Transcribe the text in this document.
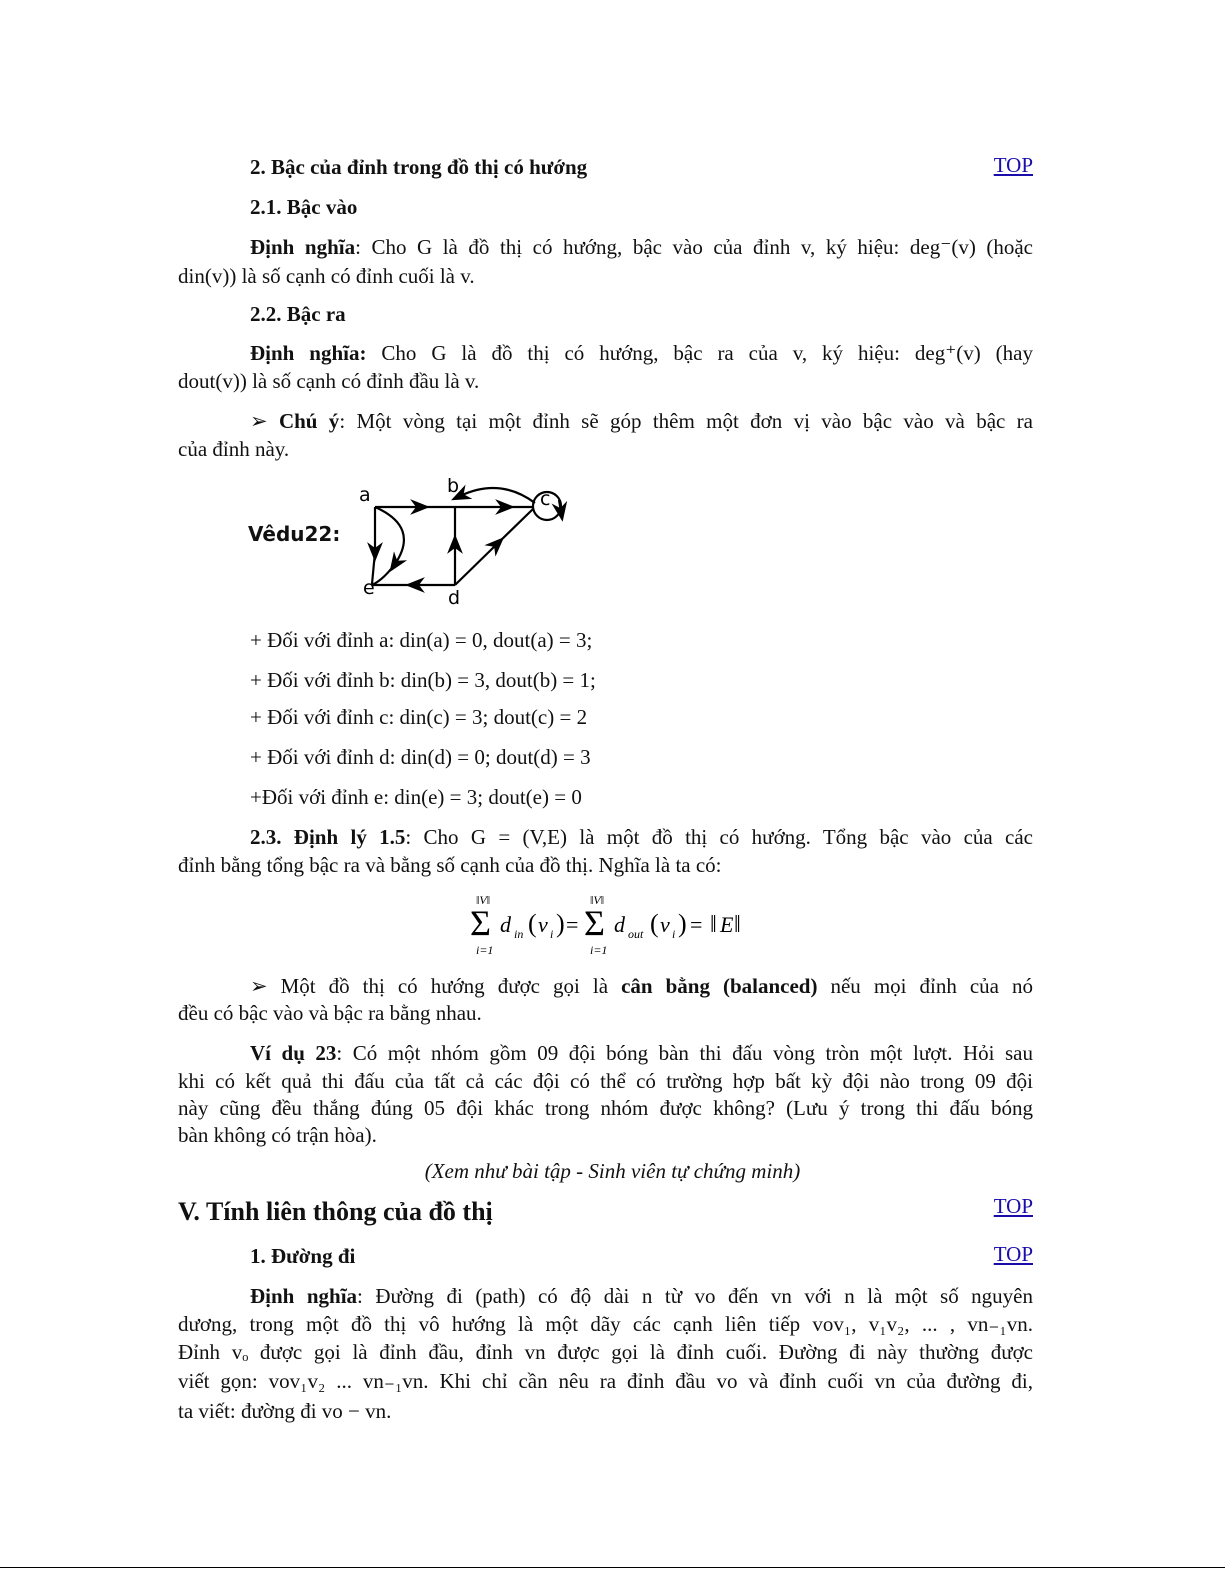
2. Bậc của đỉnh trong đồ thị có hướng	TOP
2.1. Bậc vào
Định nghĩa: Cho G là đồ thị có hướng, bậc vào của đỉnh v, ký hiệu: deg⁻(v) (hoặc
din(v)) là số cạnh có đỉnh cuối là v.
2.2. Bậc ra
Định nghĩa: Cho G là đồ thị có hướng, bậc ra của v, ký hiệu: deg⁺(v) (hay
dout(v)) là số cạnh có đỉnh đầu là v.
➢ Chú ý: Một vòng tại một đỉnh sẽ góp thêm một đơn vị vào bậc vào và bậc ra
của đỉnh này.
Vêdu22:
a	b
c
d
e
+ Đối với đỉnh a: din(a) = 0, dout(a) = 3;
+ Đối với đỉnh b: din(b) = 3, dout(b) = 1;
+ Đối với đỉnh c: din(c) = 3; dout(c) = 2
+ Đối với đỉnh d: din(d) = 0; dout(d) = 3
+Đối với đỉnh e: din(e) = 3; dout(e) = 0
2.3. Định lý 1.5: Cho G = (V,E) là một đồ thị có hướng. Tổng bậc vào của các
đỉnh bằng tổng bậc ra và bằng số cạnh của đồ thị. Nghĩa là ta có:
‖V‖
Σ
i=1
d in ( v i ) =
‖V‖
Σ
i=1
d out ( v i ) = ‖ E ‖
➢ Một đồ thị có hướng được gọi là cân bằng (balanced) nếu mọi đỉnh của nó
đều có bậc vào và bậc ra bằng nhau.
Ví dụ 23: Có một nhóm gồm 09 đội bóng bàn thi đấu vòng tròn một lượt. Hỏi sau
khi có kết quả thi đấu của tất cả các đội có thể có trường hợp bất kỳ đội nào trong 09 đội
này cũng đều thắng đúng 05 đội khác trong nhóm được không? (Lưu ý trong thi đấu bóng
bàn không có trận hòa).
(Xem như bài tập - Sinh viên tự chứng minh)
V. Tính liên thông của đồ thị	TOP
1. Đường đi	TOP
Định nghĩa: Đường đi (path) có độ dài n từ vo đến vn với n là một số nguyên
dương, trong một đồ thị vô hướng là một dãy các cạnh liên tiếp vov₁, v₁v₂, ... , vn₋₁vn.
Đỉnh vₒ được gọi là đỉnh đầu, đỉnh vn được gọi là đỉnh cuối. Đường đi này thường được
viết gọn: vov₁v₂ ... vn₋₁vn. Khi chỉ cần nêu ra đỉnh đầu vo và đỉnh cuối vn của đường đi,
ta viết: đường đi vo − vn.
